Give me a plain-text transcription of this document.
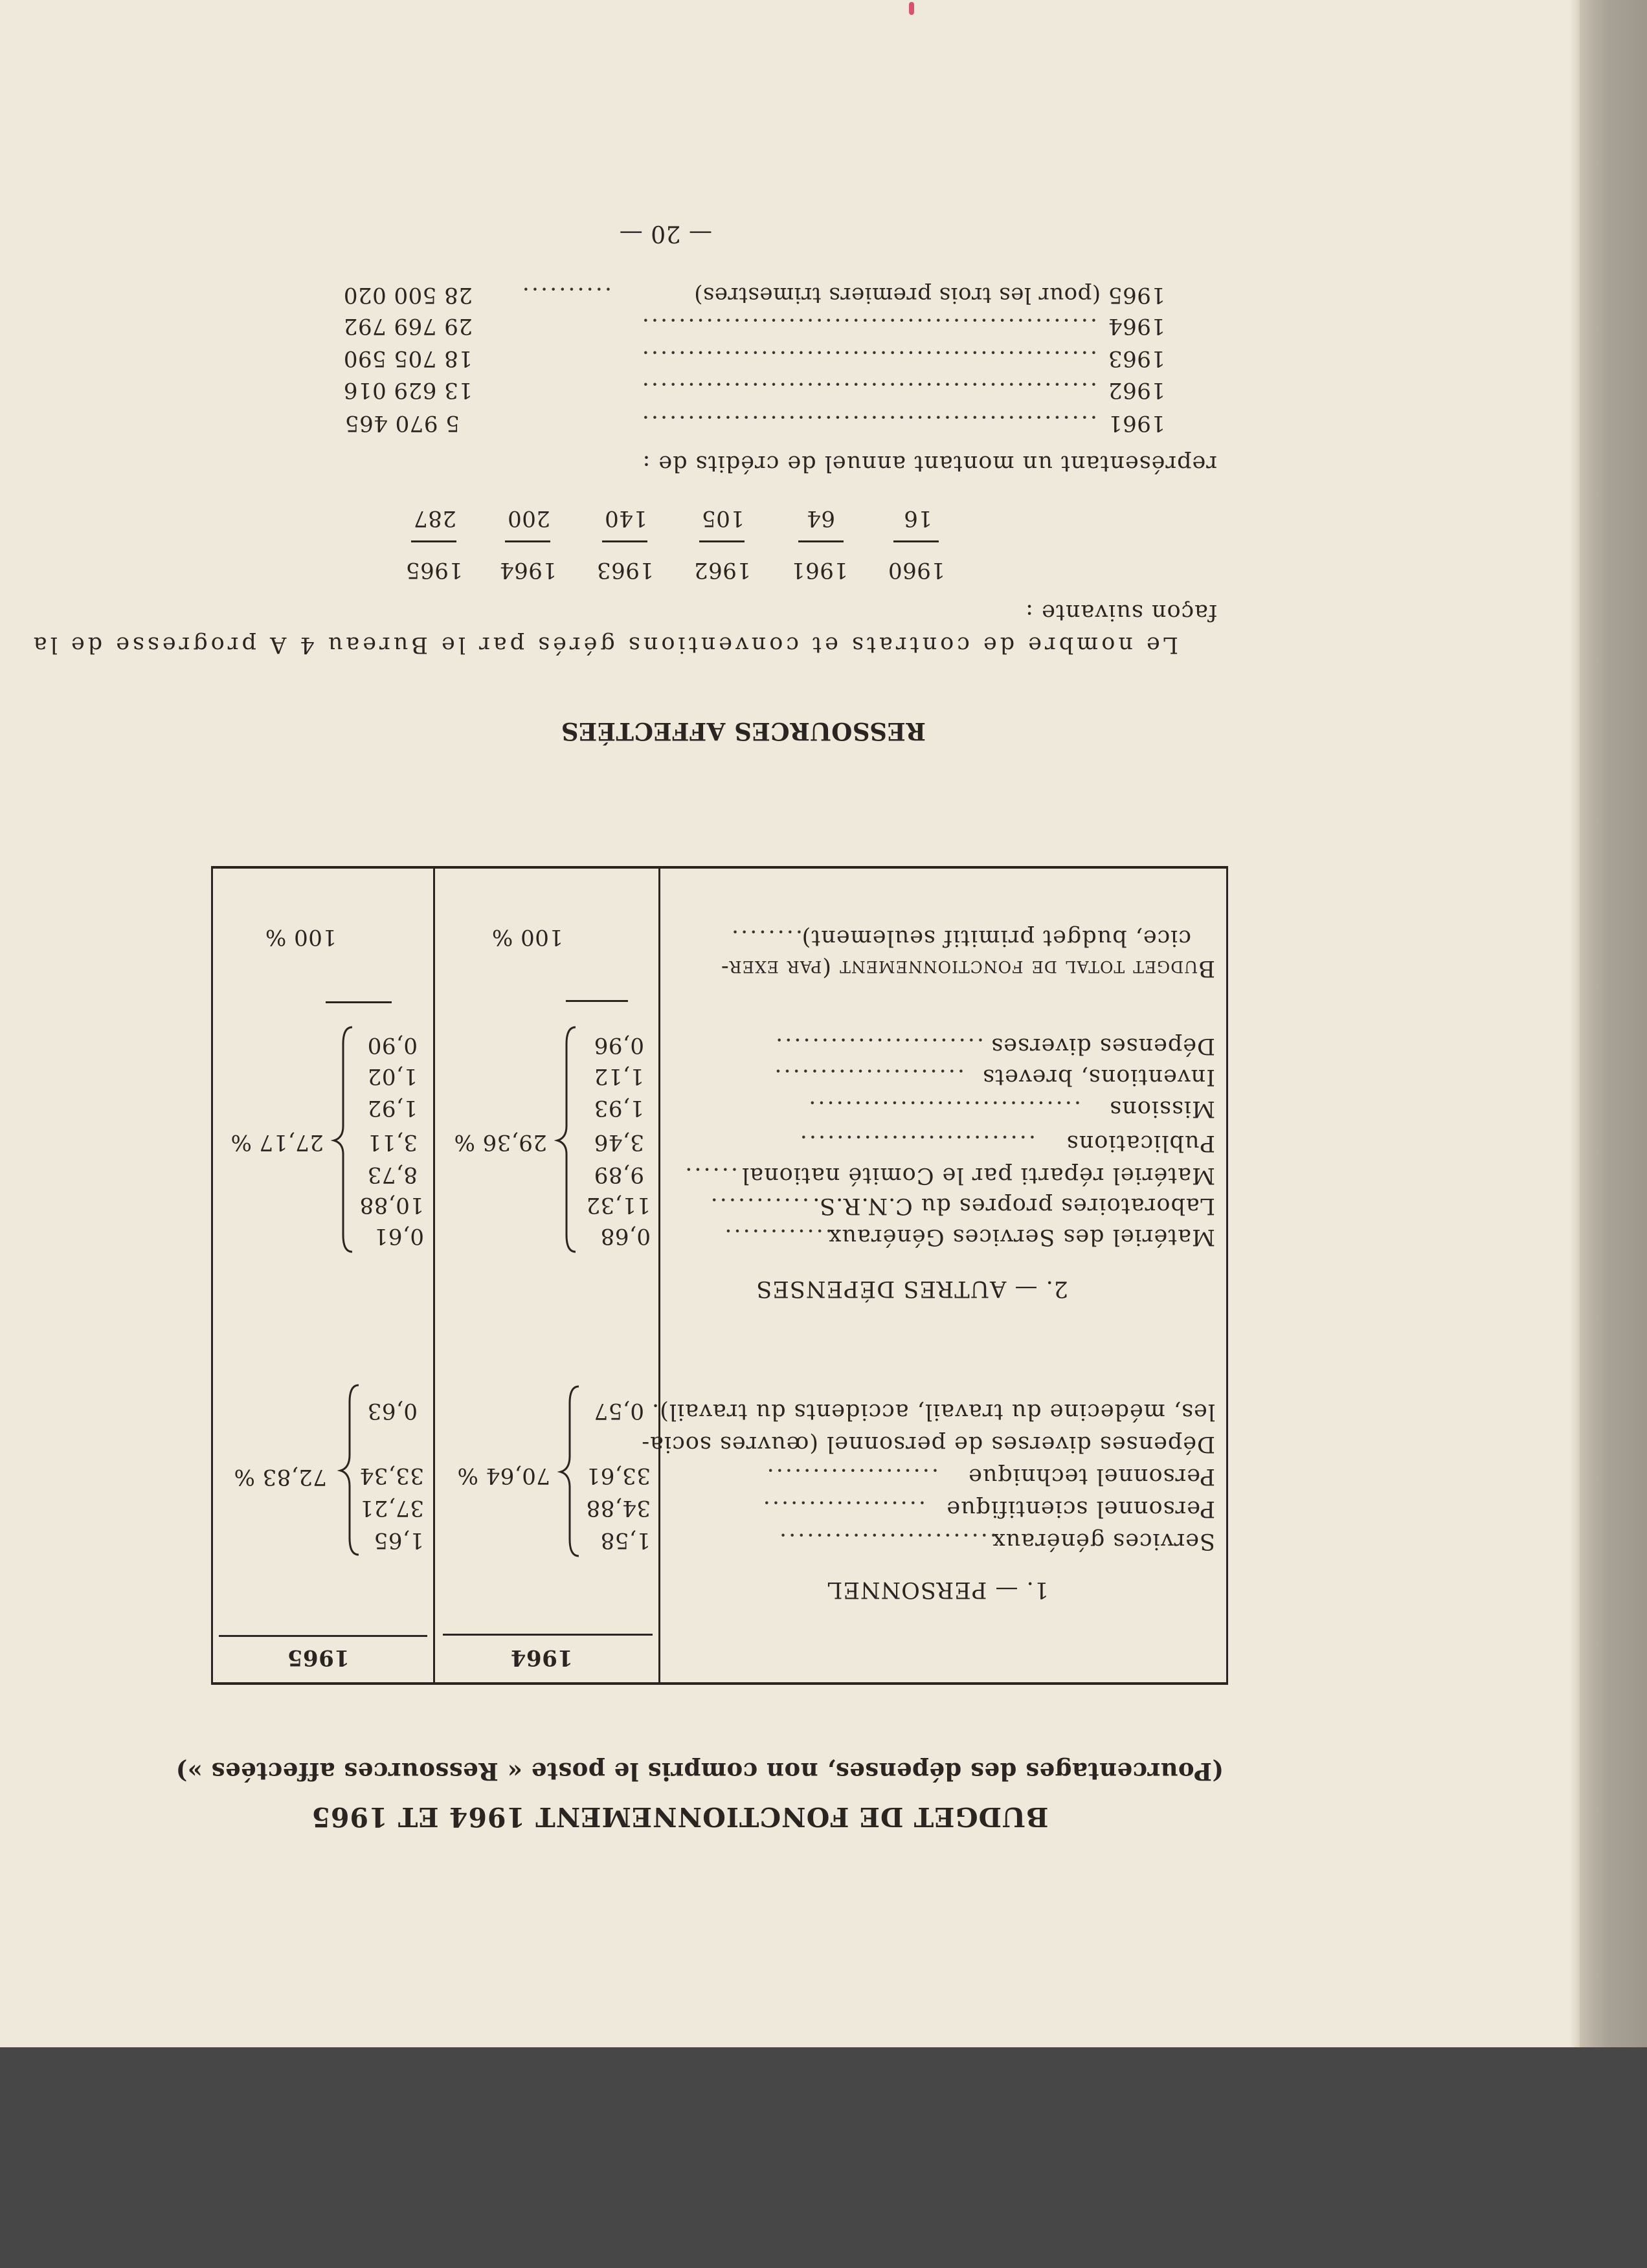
BUDGET DE FONCTIONNEMENT 1964 ET 1965
(Pourcentages des dépenses, non compris le poste « Ressources affectées »)
1964
1965
1. — PERSONNEL
Services généraux
........................
1,58
1,65
Personnel scientifique
..................
34,88
37,21
Personnel technique
...................
33,61
33,34
Dépenses diverses de personnel (œuvres socia-
les, médecine du travail, accidents du travail).
0,57
0,63
70,64 %
72,83 %
2. — AUTRES DÉPENSES
Matériel des Services Généraux
.............
0,68
0,61
Laboratoires propres du C.N.R.S.
...........
11,32
10,88
Matériel réparti par le Comité national
......
9,89
8,73
Publications
..........................
3,46
3,11
Missions
..............................
1,93
1,92
Inventions, brevets
.....................
1,12
1,02
Dépenses diverses
.......................
0,96
0,90
29,36 %
27,17 %
Budget total de fonctionnement (par exer-
cice, budget primitif seulement)
........
100 %
100 %
RESSOURCES AFFECTÉES
Le nombre de contrats et conventions gérés par le Bureau 4 A progresse de la
façon suivante :
1960
1961
1962
1963
1964
1965
16
64
105
140
200
287
représentant un montant annuel de crédits de :
1961
..................................................
5 970 465
1962
..................................................
13 629 016
1963
..................................................
18 705 590
1964
..................................................
29 769 792
1965 (pour les trois premiers trimestres)
..........
28 500 020
— 20 —
